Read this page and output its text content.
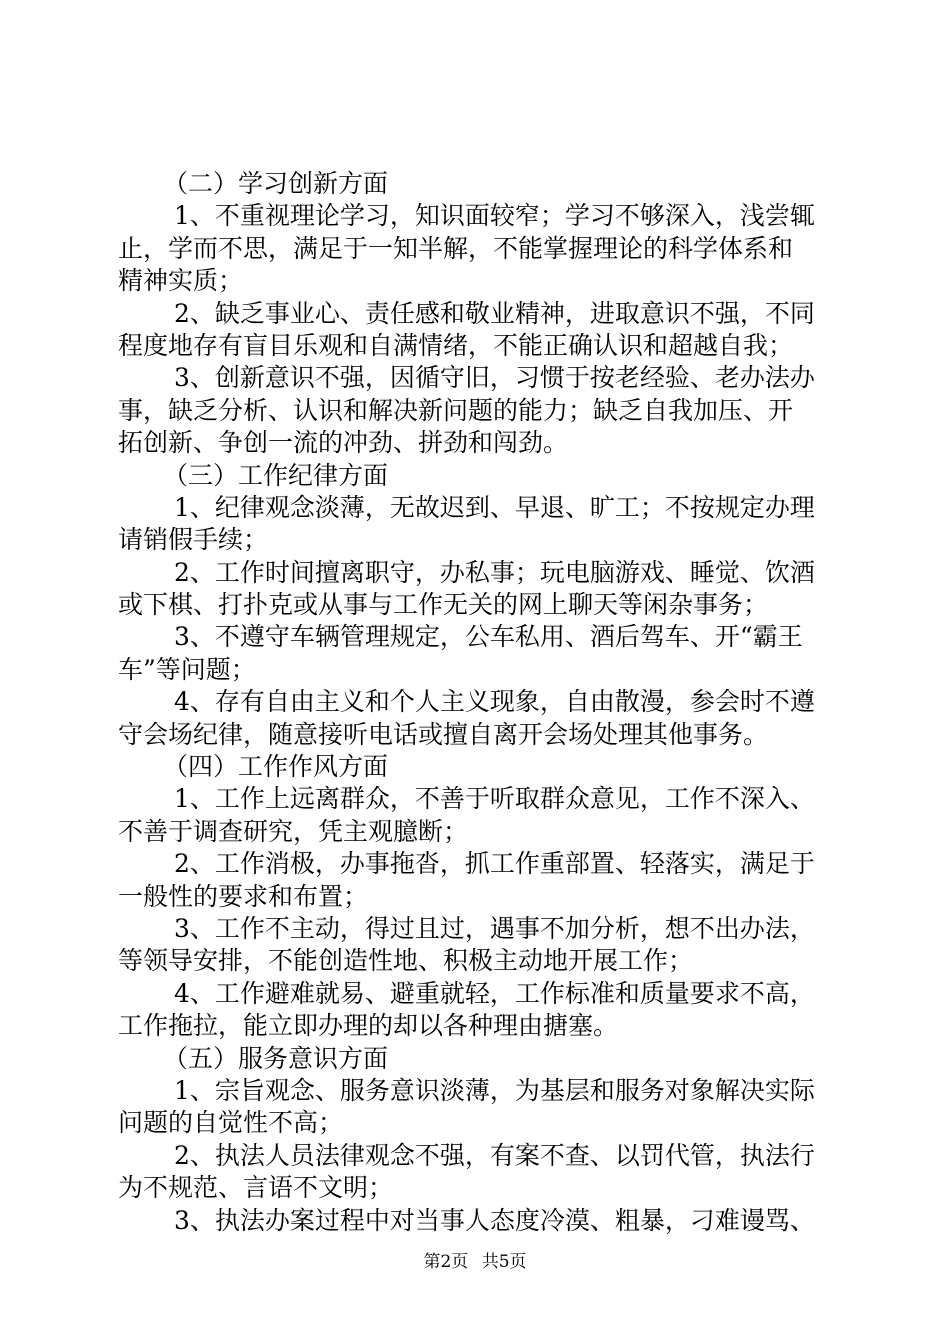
（二）学习创新方面
1、不重视理论学习，知识面较窄；学习不够深入，浅尝辄
止，学而不思，满足于一知半解，不能掌握理论的科学体系和
精神实质；
2、缺乏事业心、责任感和敬业精神，进取意识不强，不同
程度地存有盲目乐观和自满情绪，不能正确认识和超越自我；
3、创新意识不强，因循守旧，习惯于按老经验、老办法办
事，缺乏分析、认识和解决新问题的能力；缺乏自我加压、开
拓创新、争创一流的冲劲、拼劲和闯劲。
（三）工作纪律方面
1、纪律观念淡薄，无故迟到、早退、旷工；不按规定办理
请销假手续；
2、工作时间擅离职守，办私事；玩电脑游戏、睡觉、饮酒
或下棋、打扑克或从事与工作无关的网上聊天等闲杂事务；
3、不遵守车辆管理规定，公车私用、酒后驾车、开“霸王
车”等问题；
4、存有自由主义和个人主义现象，自由散漫，参会时不遵
守会场纪律，随意接听电话或擅自离开会场处理其他事务。
（四）工作作风方面
1、工作上远离群众，不善于听取群众意见，工作不深入、
不善于调查研究，凭主观臆断；
2、工作消极，办事拖沓，抓工作重部置、轻落实，满足于
一般性的要求和布置；
3、工作不主动，得过且过，遇事不加分析，想不出办法，
等领导安排，不能创造性地、积极主动地开展工作；
4、工作避难就易、避重就轻，工作标准和质量要求不高，
工作拖拉，能立即办理的却以各种理由搪塞。
（五）服务意识方面
1、宗旨观念、服务意识淡薄，为基层和服务对象解决实际
问题的自觉性不高；
2、执法人员法律观念不强，有案不查、以罚代管，执法行
为不规范、言语不文明；
3、执法办案过程中对当事人态度冷漠、粗暴，刁难谩骂、
第2页 共5页
